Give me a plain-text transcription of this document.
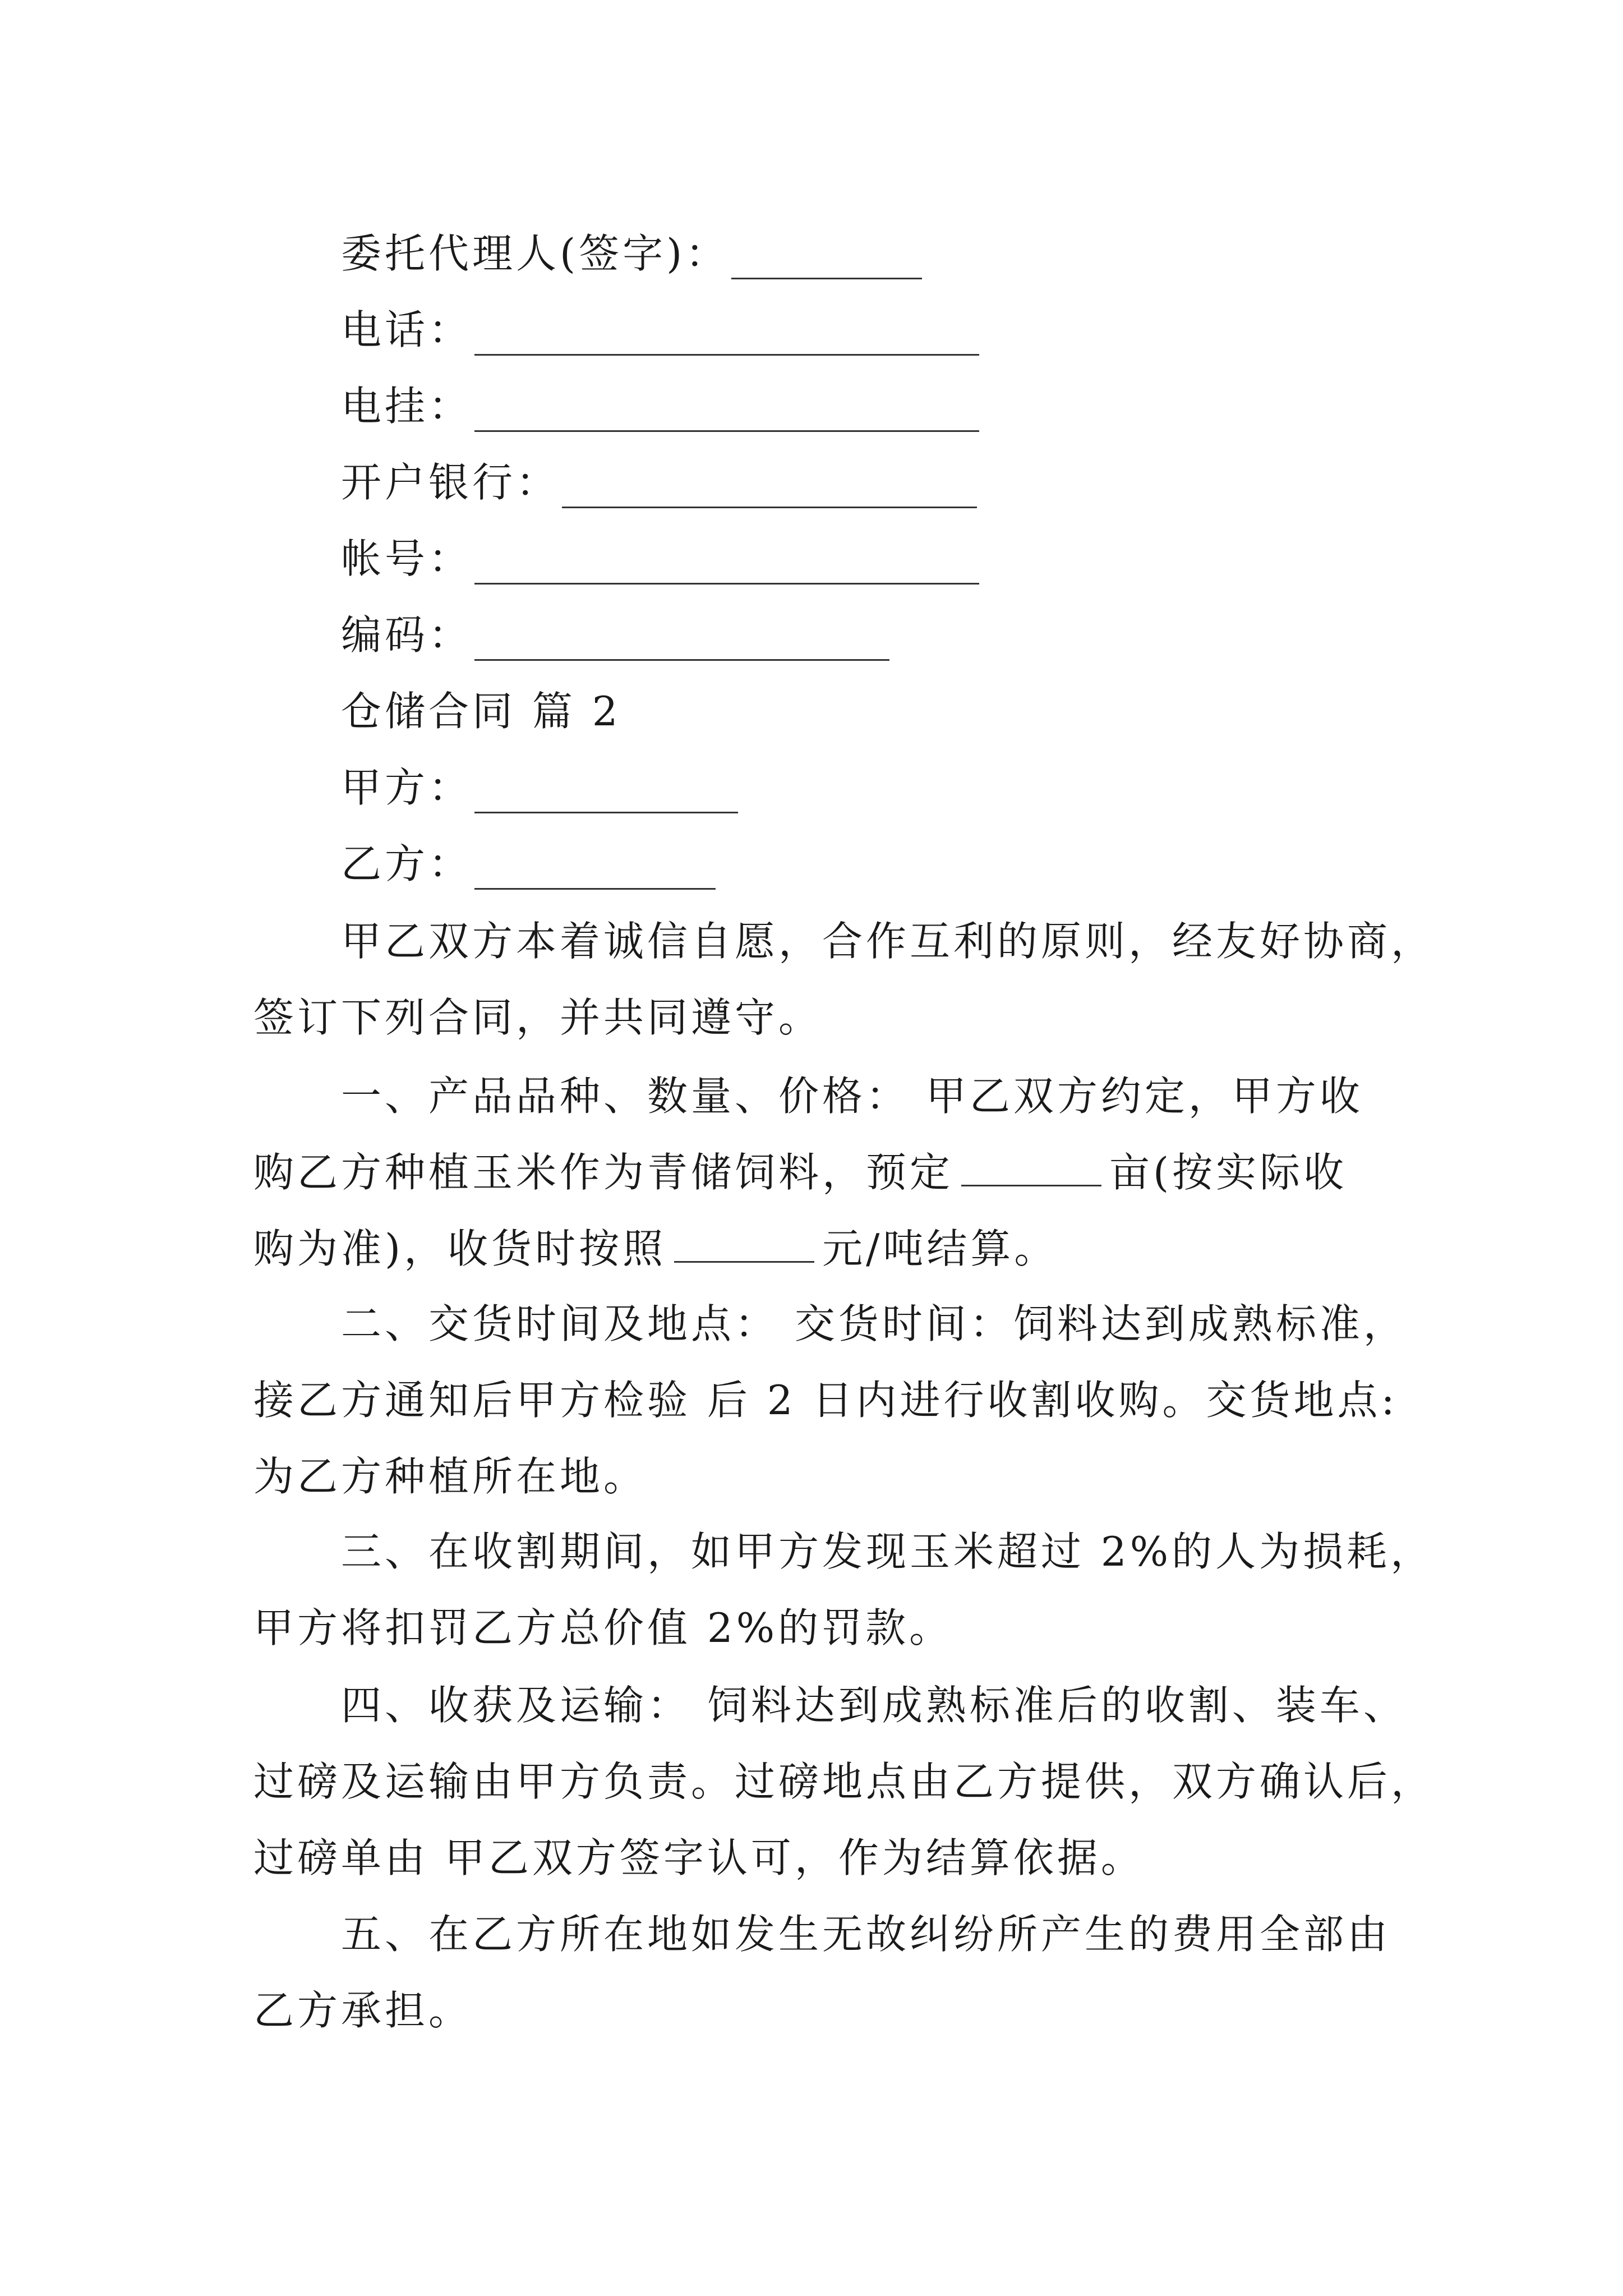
委托代理人(签字)：
电话：
电挂：
开户银行：
帐号：
编码：
仓储合同 篇 2
甲方：
乙方：
甲乙双方本着诚信自愿，合作互利的原则，经友好协商，
签订下列合同，并共同遵守。
一、产品品种、数量、价格： 甲乙双方约定，甲方收
购乙方种植玉米作为青储饲料，预定	亩(按实际收
购为准)，收货时按照	元/吨结算。
二、交货时间及地点： 交货时间：饲料达到成熟标准，
接乙方通知后甲方检验 后 2 日内进行收割收购。交货地点:
为乙方种植所在地。
三、在收割期间，如甲方发现玉米超过 2%的人为损耗，
甲方将扣罚乙方总价值 2%的罚款。
四、收获及运输： 饲料达到成熟标准后的收割、装车、
过磅及运输由甲方负责。过磅地点由乙方提供，双方确认后，
过磅单由 甲乙双方签字认可，作为结算依据。
五、在乙方所在地如发生无故纠纷所产生的费用全部由
乙方承担。
